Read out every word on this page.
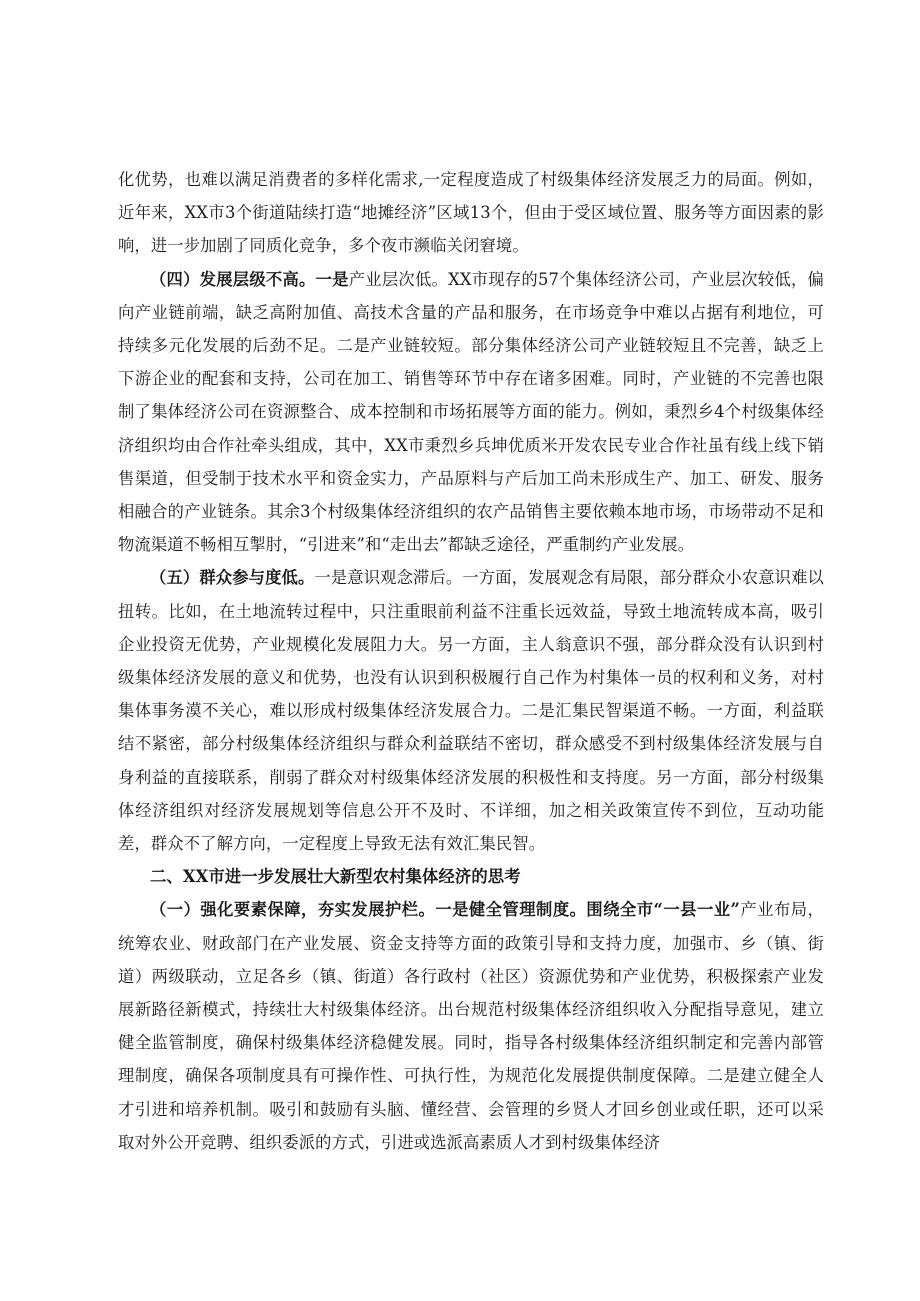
化优势，也难以满足消费者的多样化需求,一定程度造成了村级集体经济发展乏力的局面。例如，近年来，XX市3个街道陆续打造“地摊经济”区域13个，但由于受区域位置、服务等方面因素的影响，进一步加剧了同质化竞争，多个夜市濒临关闭窘境。

（四）发展层级不高。一是产业层次低。XX市现存的57个集体经济公司，产业层次较低，偏向产业链前端，缺乏高附加值、高技术含量的产品和服务，在市场竞争中难以占据有利地位，可持续多元化发展的后劲不足。二是产业链较短。部分集体经济公司产业链较短且不完善，缺乏上下游企业的配套和支持，公司在加工、销售等环节中存在诸多困难。同时，产业链的不完善也限制了集体经济公司在资源整合、成本控制和市场拓展等方面的能力。例如，秉烈乡4个村级集体经济组织均由合作社牵头组成，其中，XX市秉烈乡兵坤优质米开发农民专业合作社虽有线上线下销售渠道，但受制于技术水平和资金实力，产品原料与产后加工尚未形成生产、加工、研发、服务相融合的产业链条。其余3个村级集体经济组织的农产品销售主要依赖本地市场，市场带动不足和物流渠道不畅相互掣肘，“引进来”和“走出去”都缺乏途径，严重制约产业发展。

（五）群众参与度低。一是意识观念滞后。一方面，发展观念有局限，部分群众小农意识难以扭转。比如，在土地流转过程中，只注重眼前利益不注重长远效益，导致土地流转成本高，吸引企业投资无优势，产业规模化发展阻力大。另一方面，主人翁意识不强，部分群众没有认识到村级集体经济发展的意义和优势，也没有认识到积极履行自己作为村集体一员的权利和义务，对村集体事务漠不关心，难以形成村级集体经济发展合力。二是汇集民智渠道不畅。一方面，利益联结不紧密，部分村级集体经济组织与群众利益联结不密切，群众感受不到村级集体经济发展与自身利益的直接联系，削弱了群众对村级集体经济发展的积极性和支持度。另一方面，部分村级集体经济组织对经济发展规划等信息公开不及时、不详细，加之相关政策宣传不到位，互动功能差，群众不了解方向，一定程度上导致无法有效汇集民智。

二、XX市进一步发展壮大新型农村集体经济的思考

（一）强化要素保障，夯实发展护栏。一是健全管理制度。围绕全市“一县一业”产业布局，统筹农业、财政部门在产业发展、资金支持等方面的政策引导和支持力度，加强市、乡（镇、街道）两级联动，立足各乡（镇、街道）各行政村（社区）资源优势和产业优势，积极探索产业发展新路径新模式，持续壮大村级集体经济。出台规范村级集体经济组织收入分配指导意见，建立健全监管制度，确保村级集体经济稳健发展。同时，指导各村级集体经济组织制定和完善内部管理制度，确保各项制度具有可操作性、可执行性，为规范化发展提供制度保障。二是建立健全人才引进和培养机制。吸引和鼓励有头脑、懂经营、会管理的乡贤人才回乡创业或任职，还可以采取对外公开竞聘、组织委派的方式，引进或选派高素质人才到村级集体经济
